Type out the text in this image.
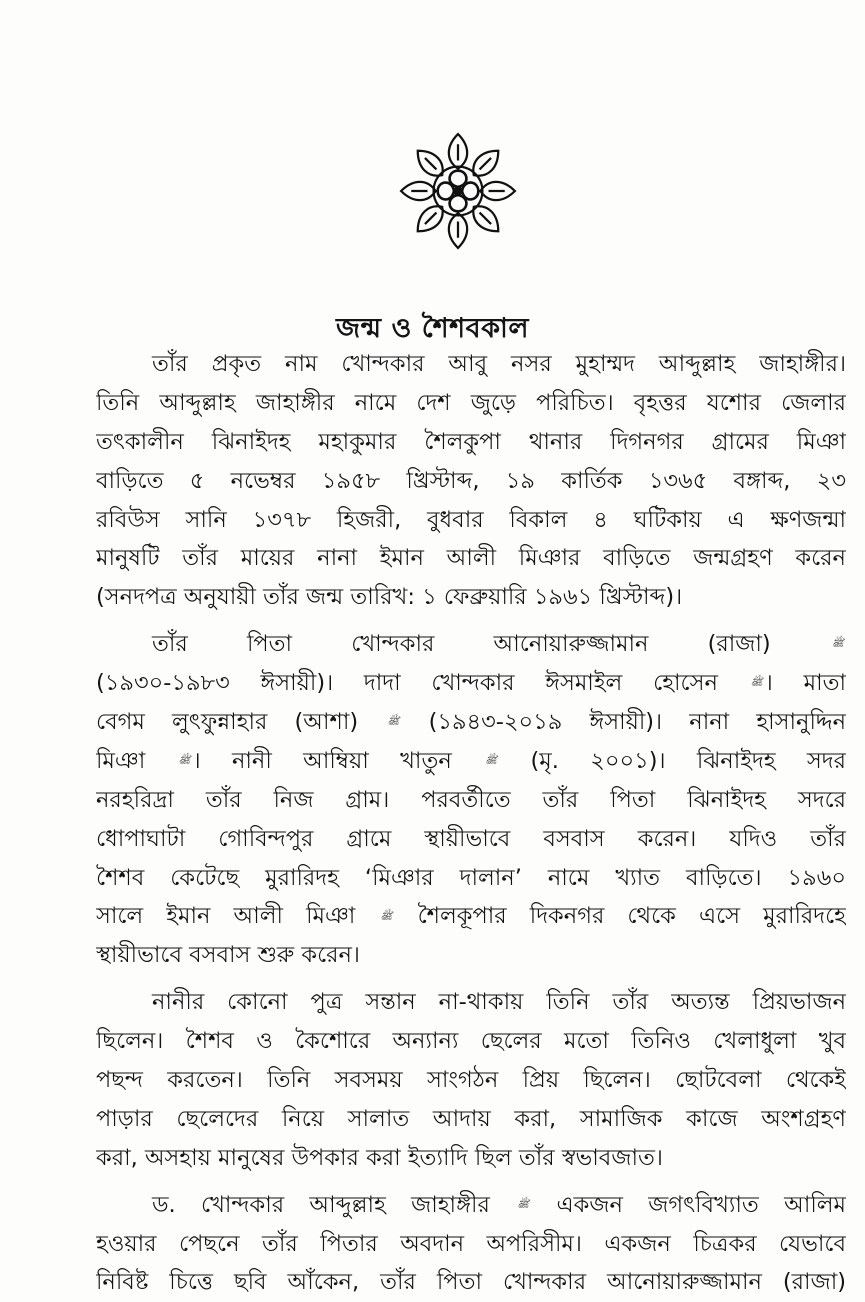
জন্ম ও শৈশবকাল
তাঁর প্রকৃত নাম খোন্দকার আবু নসর মুহাম্মদ আব্দুল্লাহ জাহাঙ্গীর।
তিনি আব্দুল্লাহ জাহাঙ্গীর নামে দেশ জুড়ে পরিচিত। বৃহত্তর যশোর জেলার
তৎকালীন ঝিনাইদহ মহাকুমার শৈলকুপা থানার দিগনগর গ্রামের মিঞা
বাড়িতে ৫ নভেম্বর ১৯৫৮ খ্রিস্টাব্দ, ১৯ কার্তিক ১৩৬৫ বঙ্গাব্দ, ২৩
রবিউস সানি ১৩৭৮ হিজরী, বুধবার বিকাল ৪ ঘটিকায় এ ক্ষণজন্মা
মানুষটি তাঁর মায়ের নানা ইমান আলী মিঞার বাড়িতে জন্মগ্রহণ করেন
(সনদপত্র অনুযায়ী তাঁর জন্ম তারিখ: ১ ফেব্রুয়ারি ১৯৬১ খ্রিস্টাব্দ)।
তাঁর পিতা খোন্দকার আনোয়ারুজ্জামান (রাজা)	ﷺ
(১৯৩০-১৯৮৩ ঈসায়ী)। দাদা খোন্দকার ঈসমাইল হোসেন	ﷺ। মাতা
বেগম লুৎফুন্নাহার (আশা)	ﷺ (১৯৪৩-২০১৯ ঈসায়ী)। নানা হাসানুদ্দিন
মিঞা	ﷺ। নানী আম্বিয়া খাতুন	ﷺ (মৃ. ২০০১)। ঝিনাইদহ সদর
নরহরিদ্রা তাঁর নিজ গ্রাম। পরবর্তীতে তাঁর পিতা ঝিনাইদহ সদরে
ধোপাঘাটা গোবিন্দপুর গ্রামে স্থায়ীভাবে বসবাস করেন। যদিও তাঁর
শৈশব কেটেছে মুরারিদহ ‘মিঞার দালান’ নামে খ্যাত বাড়িতে। ১৯৬০
সালে ইমান আলী মিঞা	ﷺ শৈলকূপার দিকনগর থেকে এসে মুরারিদহে
স্থায়ীভাবে বসবাস শুরু করেন।
নানীর কোনো পুত্র সন্তান না-থাকায় তিনি তাঁর অত্যন্ত প্রিয়ভাজন
ছিলেন। শৈশব ও কৈশোরে অন্যান্য ছেলের মতো তিনিও খেলাধুলা খুব
পছন্দ করতেন। তিনি সবসময় সাংগঠন প্রিয় ছিলেন। ছোটবেলা থেকেই
পাড়ার ছেলেদের নিয়ে সালাত আদায় করা, সামাজিক কাজে অংশগ্রহণ
করা, অসহায় মানুষের উপকার করা ইত্যাদি ছিল তাঁর স্বভাবজাত।
ড. খোন্দকার আব্দুল্লাহ জাহাঙ্গীর	ﷺ একজন জগৎবিখ্যাত আলিম
হওয়ার পেছনে তাঁর পিতার অবদান অপরিসীম। একজন চিত্রকর যেভাবে
নিবিষ্ট চিত্তে ছবি আঁকেন, তাঁর পিতা খোন্দকার আনোয়ারুজ্জামান (রাজা)
